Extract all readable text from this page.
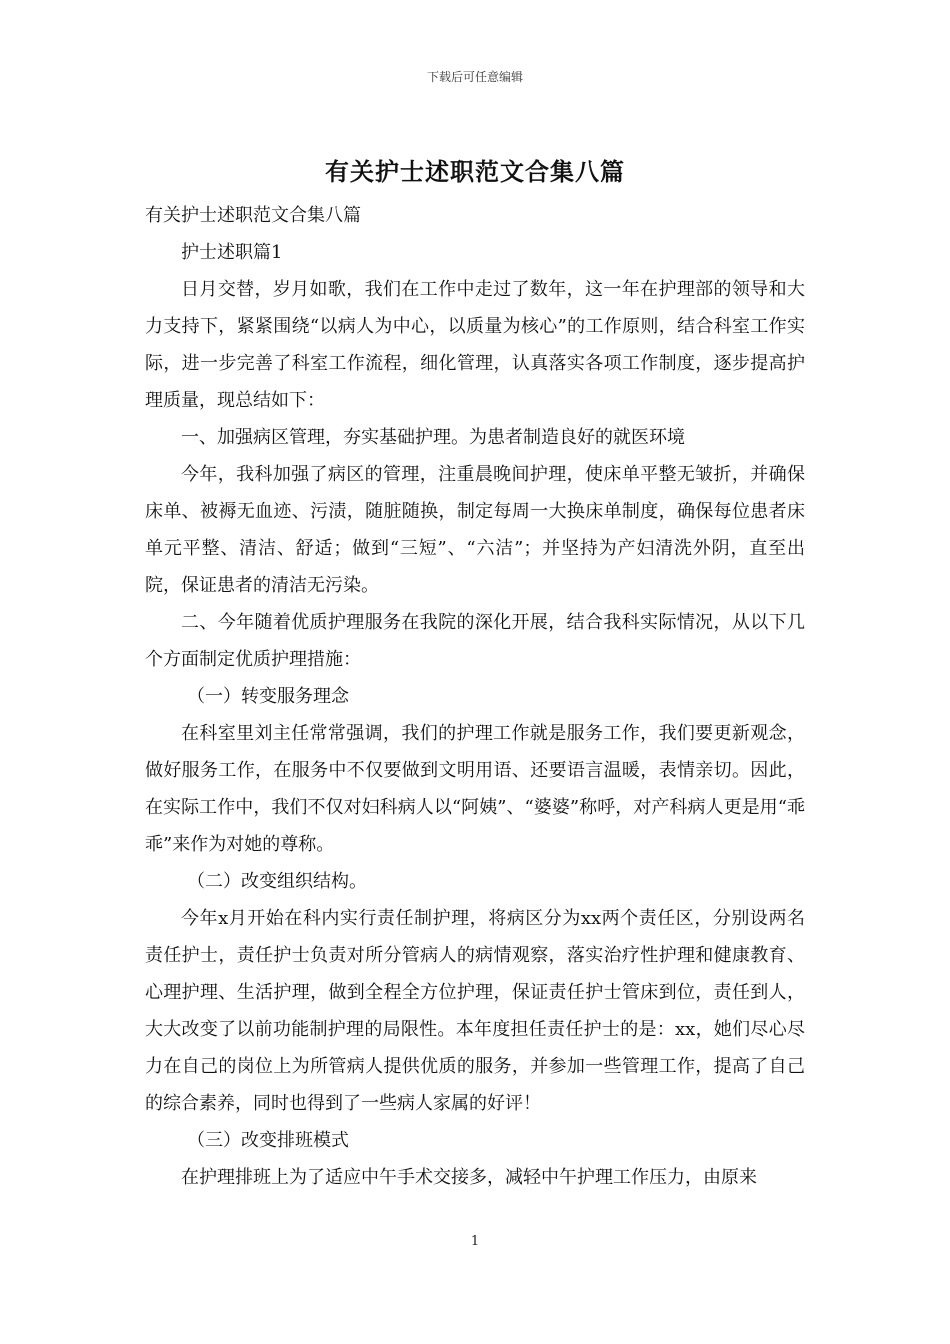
下载后可任意编辑
有关护士述职范文合集八篇

有关护士述职范文合集八篇

护士述职篇1

日月交替，岁月如歌，我们在工作中走过了数年，这一年在护理部的领导和大力支持下，紧紧围绕“以病人为中心，以质量为核心”的工作原则，结合科室工作实际，进一步完善了科室工作流程，细化管理，认真落实各项工作制度，逐步提高护理质量，现总结如下：

一、加强病区管理，夯实基础护理。为患者制造良好的就医环境

今年，我科加强了病区的管理，注重晨晚间护理，使床单平整无皱折，并确保床单、被褥无血迹、污渍，随脏随换，制定每周一大换床单制度，确保每位患者床单元平整、清洁、舒适；做到“三短”、“六洁”；并坚持为产妇清洗外阴，直至出院，保证患者的清洁无污染。

二、今年随着优质护理服务在我院的深化开展，结合我科实际情况，从以下几个方面制定优质护理措施：

（一）转变服务理念

在科室里刘主任常常强调，我们的护理工作就是服务工作，我们要更新观念，做好服务工作，在服务中不仅要做到文明用语、还要语言温暖，表情亲切。因此，在实际工作中，我们不仅对妇科病人以“阿姨”、“婆婆”称呼，对产科病人更是用“乖乖”来作为对她的尊称。

（二）改变组织结构。

今年x月开始在科内实行责任制护理，将病区分为xx两个责任区，分别设两名责任护士，责任护士负责对所分管病人的病情观察，落实治疗性护理和健康教育、心理护理、生活护理，做到全程全方位护理，保证责任护士管床到位，责任到人，大大改变了以前功能制护理的局限性。本年度担任责任护士的是：xx，她们尽心尽力在自己的岗位上为所管病人提供优质的服务，并参加一些管理工作，提高了自己的综合素养，同时也得到了一些病人家属的好评！

（三）改变排班模式

在护理排班上为了适应中午手术交接多，减轻中午护理工作压力，由原来

1
